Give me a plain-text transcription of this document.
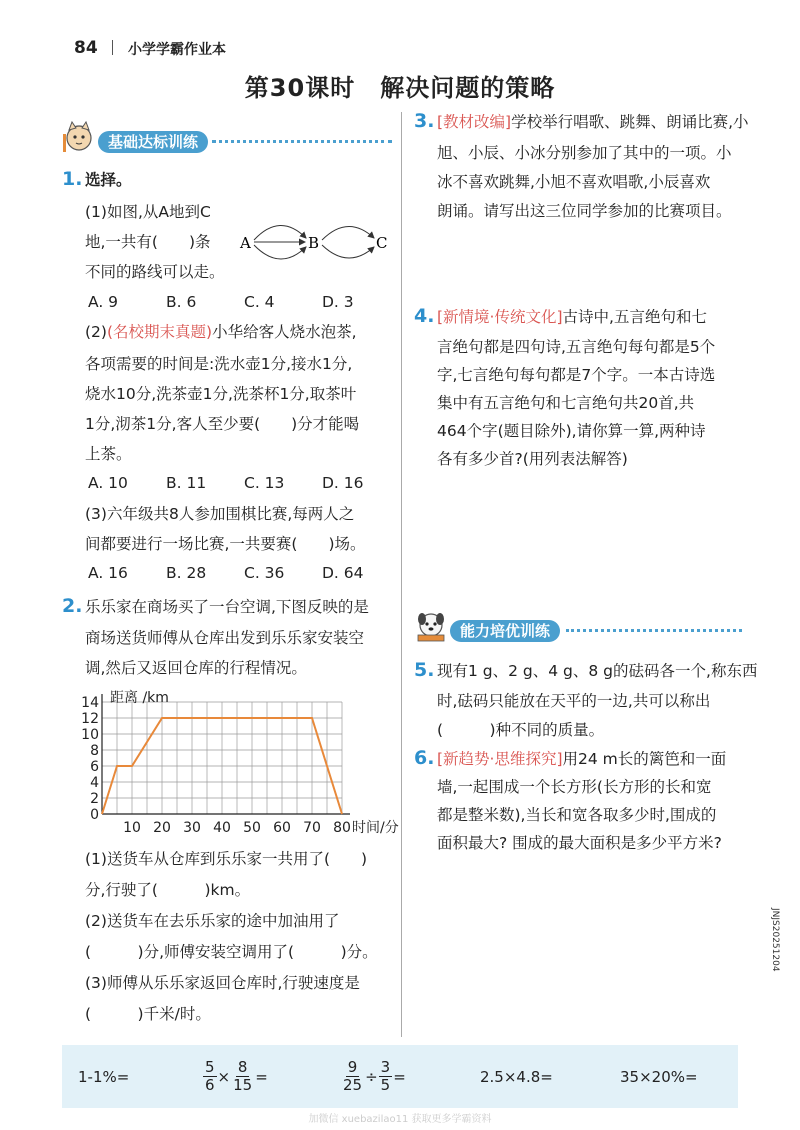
84 小学学霸作业本
第30课时　解决问题的策略
基础达标训练
1. 选择。
(1)如图,从A地到C
地,一共有(　　)条
不同的路线可以走。
A	B	C
A. 9	B. 6	C. 4	D. 3
(2)(名校期末真题)小华给客人烧水泡茶,
各项需要的时间是:洗水壶1分,接水1分,
烧水10分,洗茶壶1分,洗茶杯1分,取茶叶
1分,沏茶1分,客人至少要(　　)分才能喝
上茶。
A. 10 B. 11 C. 13 D. 16
(3)六年级共8人参加围棋比赛,每两人之
间都要进行一场比赛,一共要赛(　　)场。
A. 16 B. 28 C. 36 D. 64
2. 乐乐家在商场买了一台空调,下图反映的是
商场送货师傅从仓库出发到乐乐家安装空
调,然后又返回仓库的行程情况。
0
2
4
6
8
10
12
14
10 20 30 40 50 60 70 80
距离 /km
时间/分
(1)送货车从仓库到乐乐家一共用了(　　)
分,行驶了(　　　)km。
(2)送货车在去乐乐家的途中加油用了
(　　　)分,师傅安装空调用了(　　　)分。
(3)师傅从乐乐家返回仓库时,行驶速度是
(　　　)千米/时。
3. [教材改编]学校举行唱歌、跳舞、朗诵比赛,小
旭、小辰、小冰分别参加了其中的一项。小
冰不喜欢跳舞,小旭不喜欢唱歌,小辰喜欢
朗诵。请写出这三位同学参加的比赛项目。
4. [新情境·传统文化]古诗中,五言绝句和七
言绝句都是四句诗,五言绝句每句都是5个
字,七言绝句每句都是7个字。一本古诗选
集中有五言绝句和七言绝句共20首,共
464个字(题目除外),请你算一算,两种诗
各有多少首?(用列表法解答)
能力培优训练
5. 现有1 g、2 g、4 g、8 g的砝码各一个,称东西
时,砝码只能放在天平的一边,共可以称出
(　　　)种不同的质量。
6. [新趋势·思维探究]用24 m长的篱笆和一面
墙,一起围成一个长方形(长方形的长和宽
都是整米数),当长和宽各取多少时,围成的
面积最大? 围成的最大面积是多少平方米?
JNJS20251204
1-1%=	$\frac{5}{6} \times \frac{8}{15}$ =	$\frac{9}{25} \div \frac{3}{5}$ =	2.5×4.8=	35×20%=
加微信 xuebazilao11 获取更多学霸资料
